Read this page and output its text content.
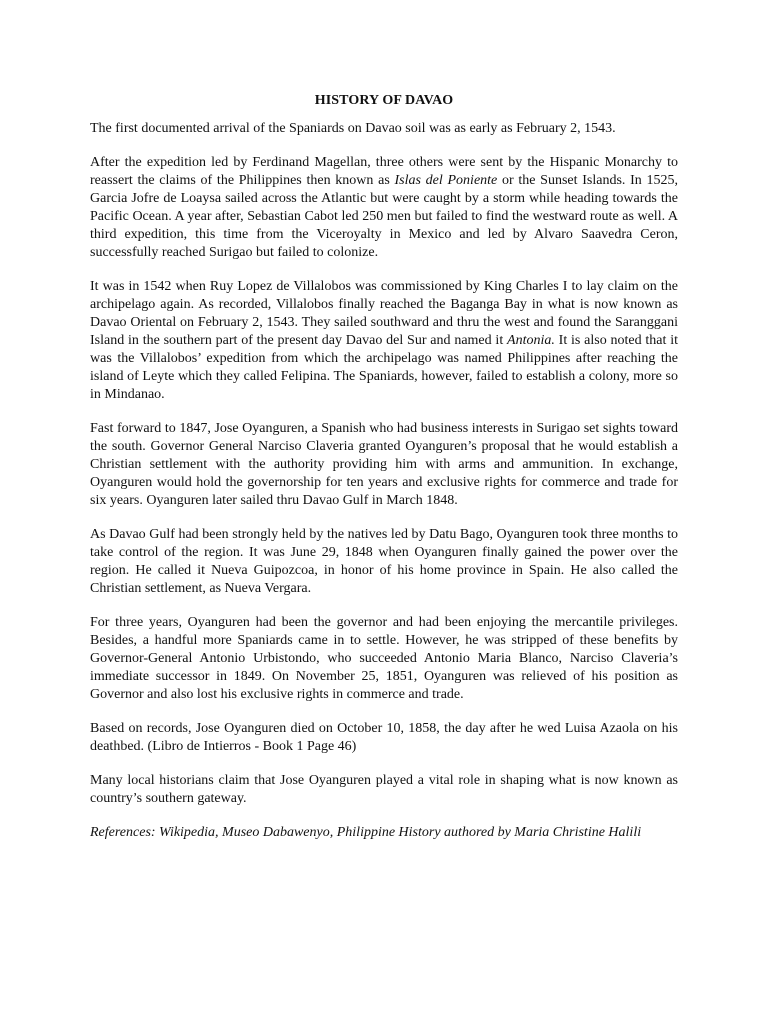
HISTORY OF DAVAO

The first documented arrival of the Spaniards on Davao soil was as early as February 2, 1543.

After the expedition led by Ferdinand Magellan, three others were sent by the Hispanic Monarchy to reassert the claims of the Philippines then known as Islas del Poniente or the Sunset Islands. In 1525, Garcia Jofre de Loaysa sailed across the Atlantic but were caught by a storm while heading towards the Pacific Ocean. A year after, Sebastian Cabot led 250 men but failed to find the westward route as well. A third expedition, this time from the Viceroyalty in Mexico and led by Alvaro Saavedra Ceron, successfully reached Surigao but failed to colonize.

It was in 1542 when Ruy Lopez de Villalobos was commissioned by King Charles I to lay claim on the archipelago again. As recorded, Villalobos finally reached the Baganga Bay in what is now known as Davao Oriental on February 2, 1543. They sailed southward and thru the west and found the Saranggani Island in the southern part of the present day Davao del Sur and named it Antonia. It is also noted that it was the Villalobos’ expedition from which the archipelago was named Philippines after reaching the island of Leyte which they called Felipina. The Spaniards, however, failed to establish a colony, more so in Mindanao.

Fast forward to 1847, Jose Oyanguren, a Spanish who had business interests in Surigao set sights toward the south. Governor General Narciso Claveria granted Oyanguren’s proposal that he would establish a Christian settlement with the authority providing him with arms and ammunition. In exchange, Oyanguren would hold the governorship for ten years and exclusive rights for commerce and trade for six years. Oyanguren later sailed thru Davao Gulf in March 1848.

As Davao Gulf had been strongly held by the natives led by Datu Bago, Oyanguren took three months to take control of the region. It was June 29, 1848 when Oyanguren finally gained the power over the region. He called it Nueva Guipozcoa, in honor of his home province in Spain. He also called the Christian settlement, as Nueva Vergara.

For three years, Oyanguren had been the governor and had been enjoying the mercantile privileges. Besides, a handful more Spaniards came in to settle. However, he was stripped of these benefits by Governor-General Antonio Urbistondo, who succeeded Antonio Maria Blanco, Narciso Claveria’s immediate successor in 1849. On November 25, 1851, Oyanguren was relieved of his position as Governor and also lost his exclusive rights in commerce and trade.

Based on records, Jose Oyanguren died on October 10, 1858, the day after he wed Luisa Azaola on his deathbed. (Libro de Intierros - Book 1 Page 46)

Many local historians claim that Jose Oyanguren played a vital role in shaping what is now known as country’s southern gateway.

References: Wikipedia, Museo Dabawenyo, Philippine History authored by Maria Christine Halili
